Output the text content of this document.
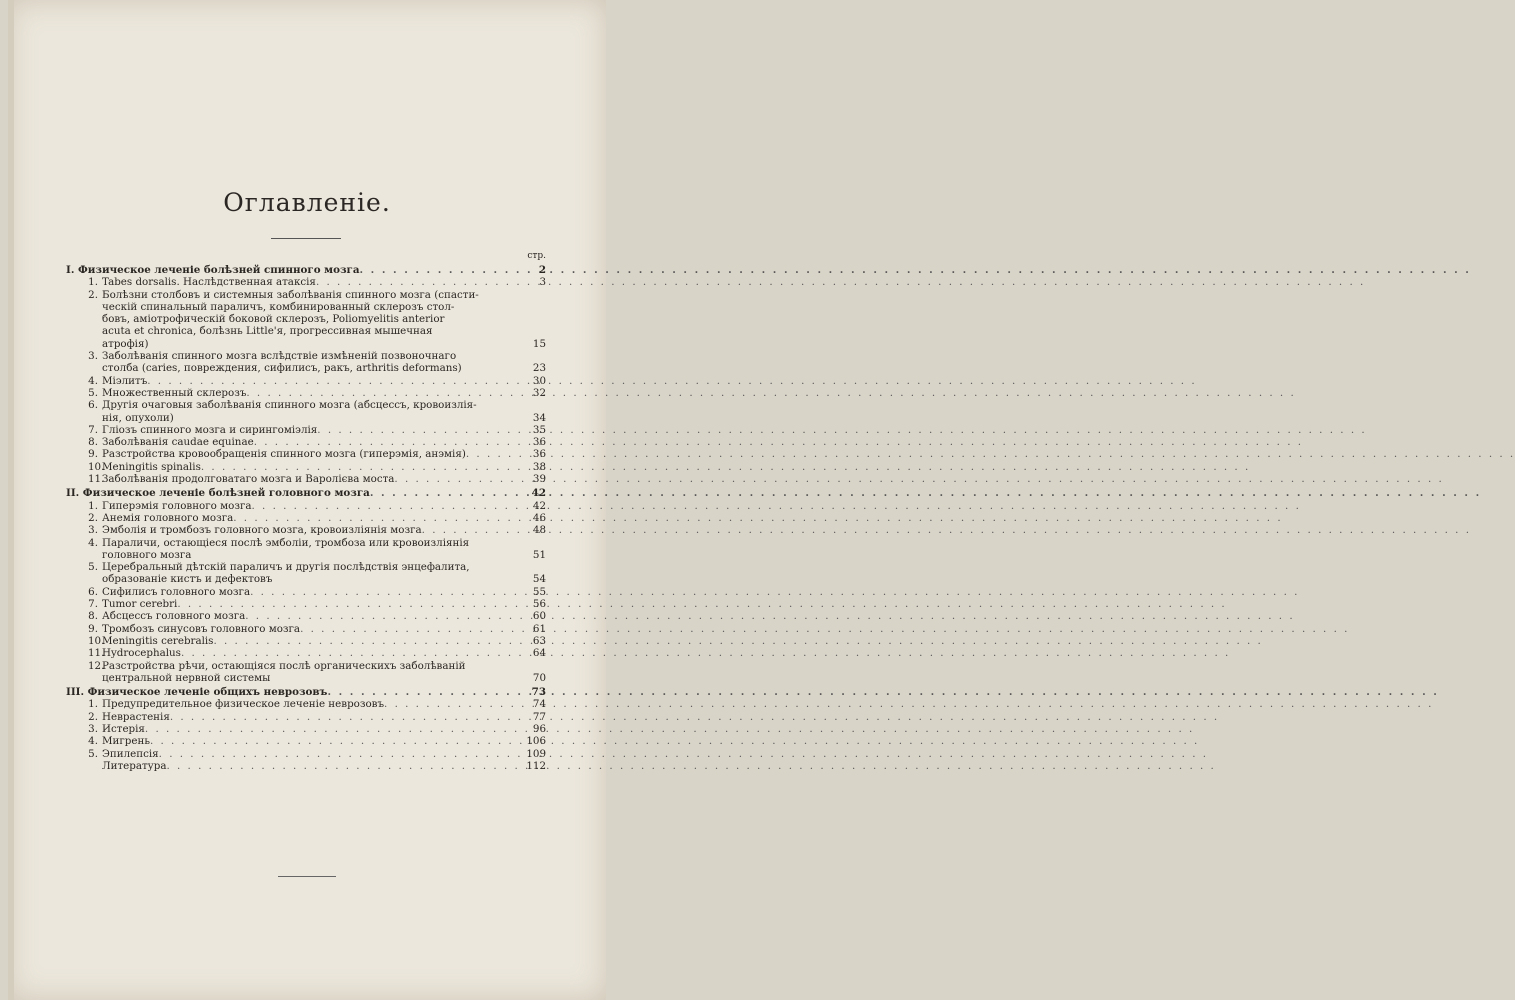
Оглавленіе.
стр.
I. Физическое леченіе болѣзней спинного мозга . . .	2
1. Tabes dorsalis. Наслѣдственная атаксія . . .	3
2. Болѣзни столбовъ и системныя заболѣванія спинного мозга (спасти-
ческій спинальный параличъ, комбинированный склерозъ стол-
бовъ, аміотрофическій боковой склерозъ, Poliomyelitis anterior
acuta et chronica, болѣзнь Little'я, прогрессивная мышечная
атрофія)	15
3. Заболѣванія спинного мозга вслѣдствіе измѣненій позвоночнаго
столба (caries, повреждения, сифилисъ, ракъ, arthritis deformans)	23
4. Міэлитъ . . .	30
5. Множественный склерозъ . . .	32
6. Другія очаговыя заболѣванія спинного мозга (абсцессъ, кровоизлія-
нія, опухоли)	34
7. Гліозъ спинного мозга и сирингоміэлія . . .	35
8. Заболѣванія caudae equinae . . .	36
9. Разстройства кровообращенія спинного мозга (гиперэмія, анэмія) . . .	36
10.Meningitis spinalis . . .	38
11.Заболѣванія продолговатаго мозга и Варолієва моста . . .	39
II. Физическое леченіе болѣзней головного мозга . . .	42
1. Гиперэмія головного мозга . . .	42
2. Анемія головного мозга . . .	46
3. Эмболія и тромбозъ головного мозга, кровоизліянія мозга . . .	48
4. Параличи, остающіеся послѣ эмболіи, тромбоза или кровоизліянія
головного мозга	51
5. Церебральный дѣтскій параличъ и другія послѣдствія энцефалита,
образованіе кистъ и дефектовъ	54
6. Сифилисъ головного мозга . . .	55
7. Tumor cerebri . . .	56
8. Абсцессъ головного мозга . . .	60
9. Тромбозъ синусовъ головного мозга . . .	61
10.Meningitis cerebralis . . .	63
11.Hydrocephalus . . .	64
12.Разстройства рѣчи, остающіяся послѣ органическихъ заболѣваній
центральной нервной системы	70
III. Физическое леченіе общихъ неврозовъ . . .	73
1. Предупредительное физическое леченіе неврозовъ . . .	74
2. Неврастенія . . .	77
3. Истерія . . .	96
4. Мигрень . . .	106
5. Эпилепсія . . .	109
Литература . . .	112
